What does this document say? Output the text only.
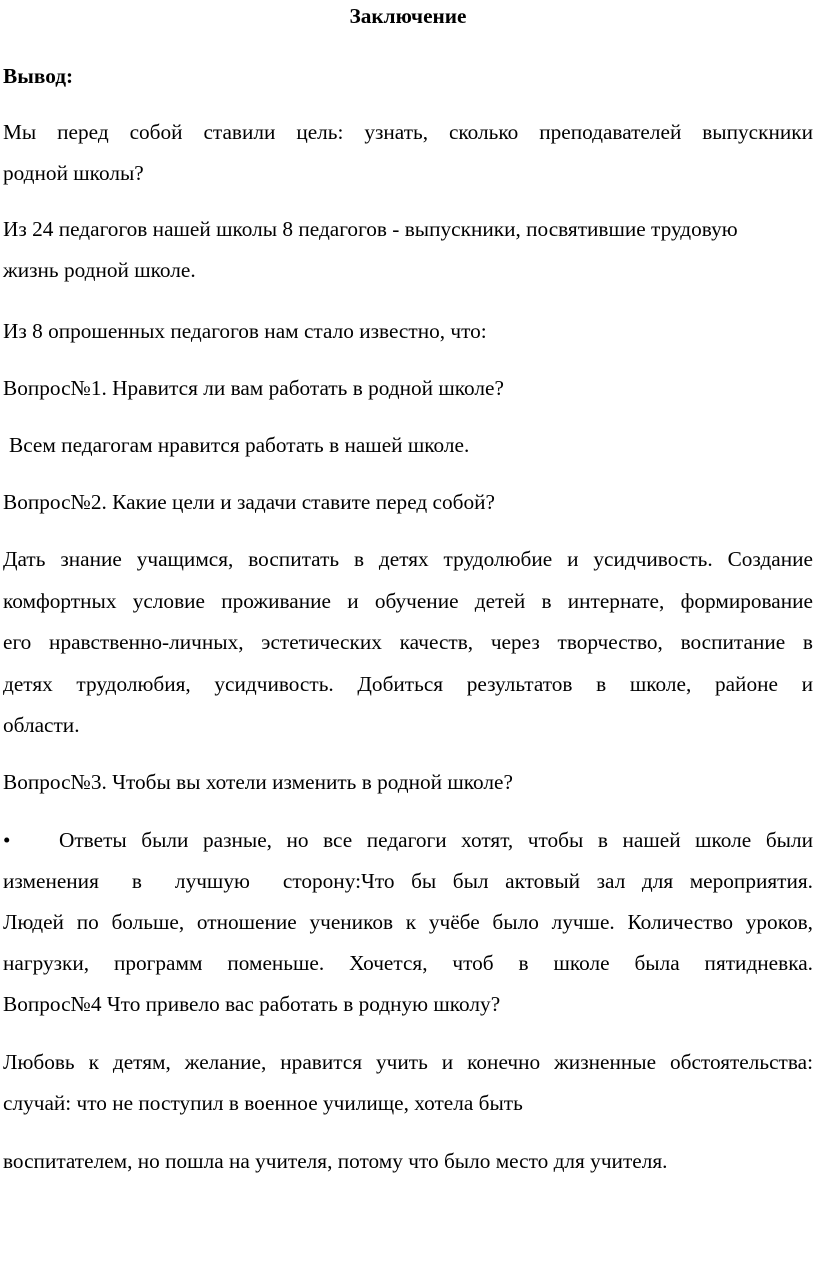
Заключение

Вывод:

Мы перед собой ставили цель: узнать, сколько преподавателей выпускники

родной школы?

Из 24 педагогов нашей школы 8 педагогов - выпускники, посвятившие трудовую

жизнь родной школе.

Из 8 опрошенных педагогов нам стало известно, что:

Вопрос№1. Нравится ли вам работать в родной школе?

Всем педагогам нравится работать в нашей школе.

Вопрос№2. Какие цели и задачи ставите перед собой?

Дать знание учащимся, воспитать в детях трудолюбие и усидчивость. Создание

комфортных условие проживание и обучение детей в интернате, формирование

его нравственно-личных, эстетических качеств, через творчество, воспитание в

детях трудолюбия, усидчивость. Добиться результатов в школе, районе и

области.

Вопрос№3. Чтобы вы хотели изменить в родной школе?

• Ответы были разные, но все педагоги хотят, чтобы в нашей школе были

изменения в лучшую сторону:Что бы был актовый зал для мероприятия.

Людей по больше, отношение учеников к учёбе было лучше. Количество уроков,

нагрузки, программ поменьше. Хочется, чтоб в школе была пятидневка.

Вопрос№4 Что привело вас работать в родную школу?

Любовь к детям, желание, нравится учить и конечно жизненные обстоятельства:

случай: что не поступил в военное училище, хотела быть

воспитателем, но пошла на учителя, потому что было место для учителя.
